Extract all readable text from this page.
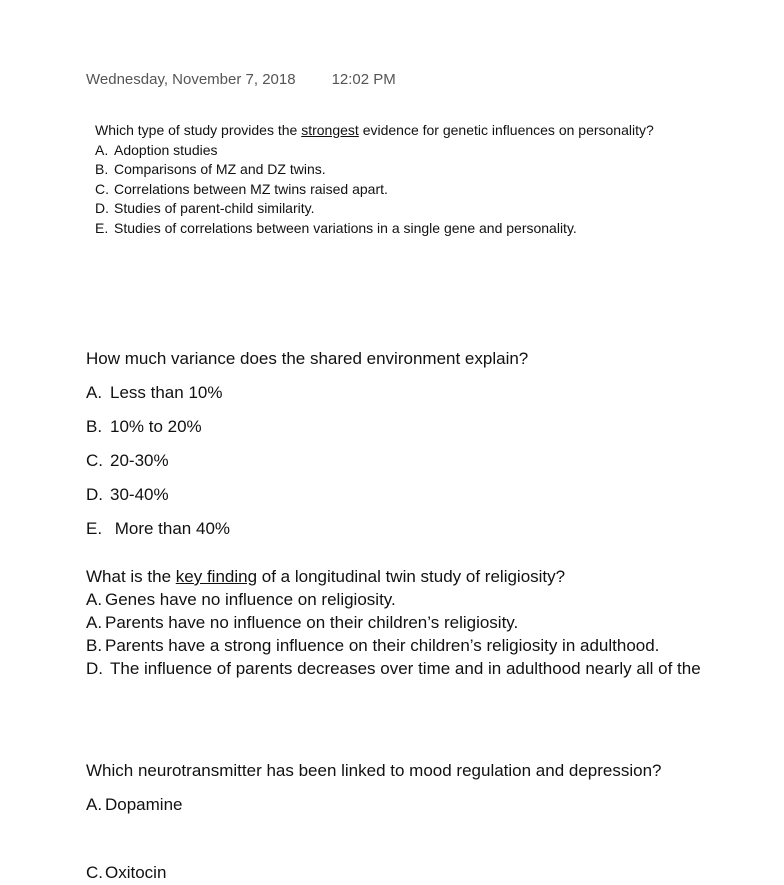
Wednesday, November 7, 2018 12:02 PM

Which type of study provides the strongest evidence for genetic influences on personality?

A. Adoption studies
B. Comparisons of MZ and DZ twins.
C. Correlations between MZ twins raised apart.
D. Studies of parent-child similarity.
E. Studies of correlations between variations in a single gene and personality.

How much variance does the shared environment explain?

A. Less than 10%
B. 10% to 20%
C. 20-30%
D. 30-40%
E. More than 40%

What is the key finding of a longitudinal twin study of religiosity?

A. Genes have no influence on religiosity.
A. Parents have no influence on their children’s religiosity.
B. Parents have a strong influence on their children’s religiosity in adulthood.
D. The influence of parents decreases over time and in adulthood nearly all of the

Which neurotransmitter has been linked to mood regulation and depression?

A. Dopamine
C. Oxitocin
